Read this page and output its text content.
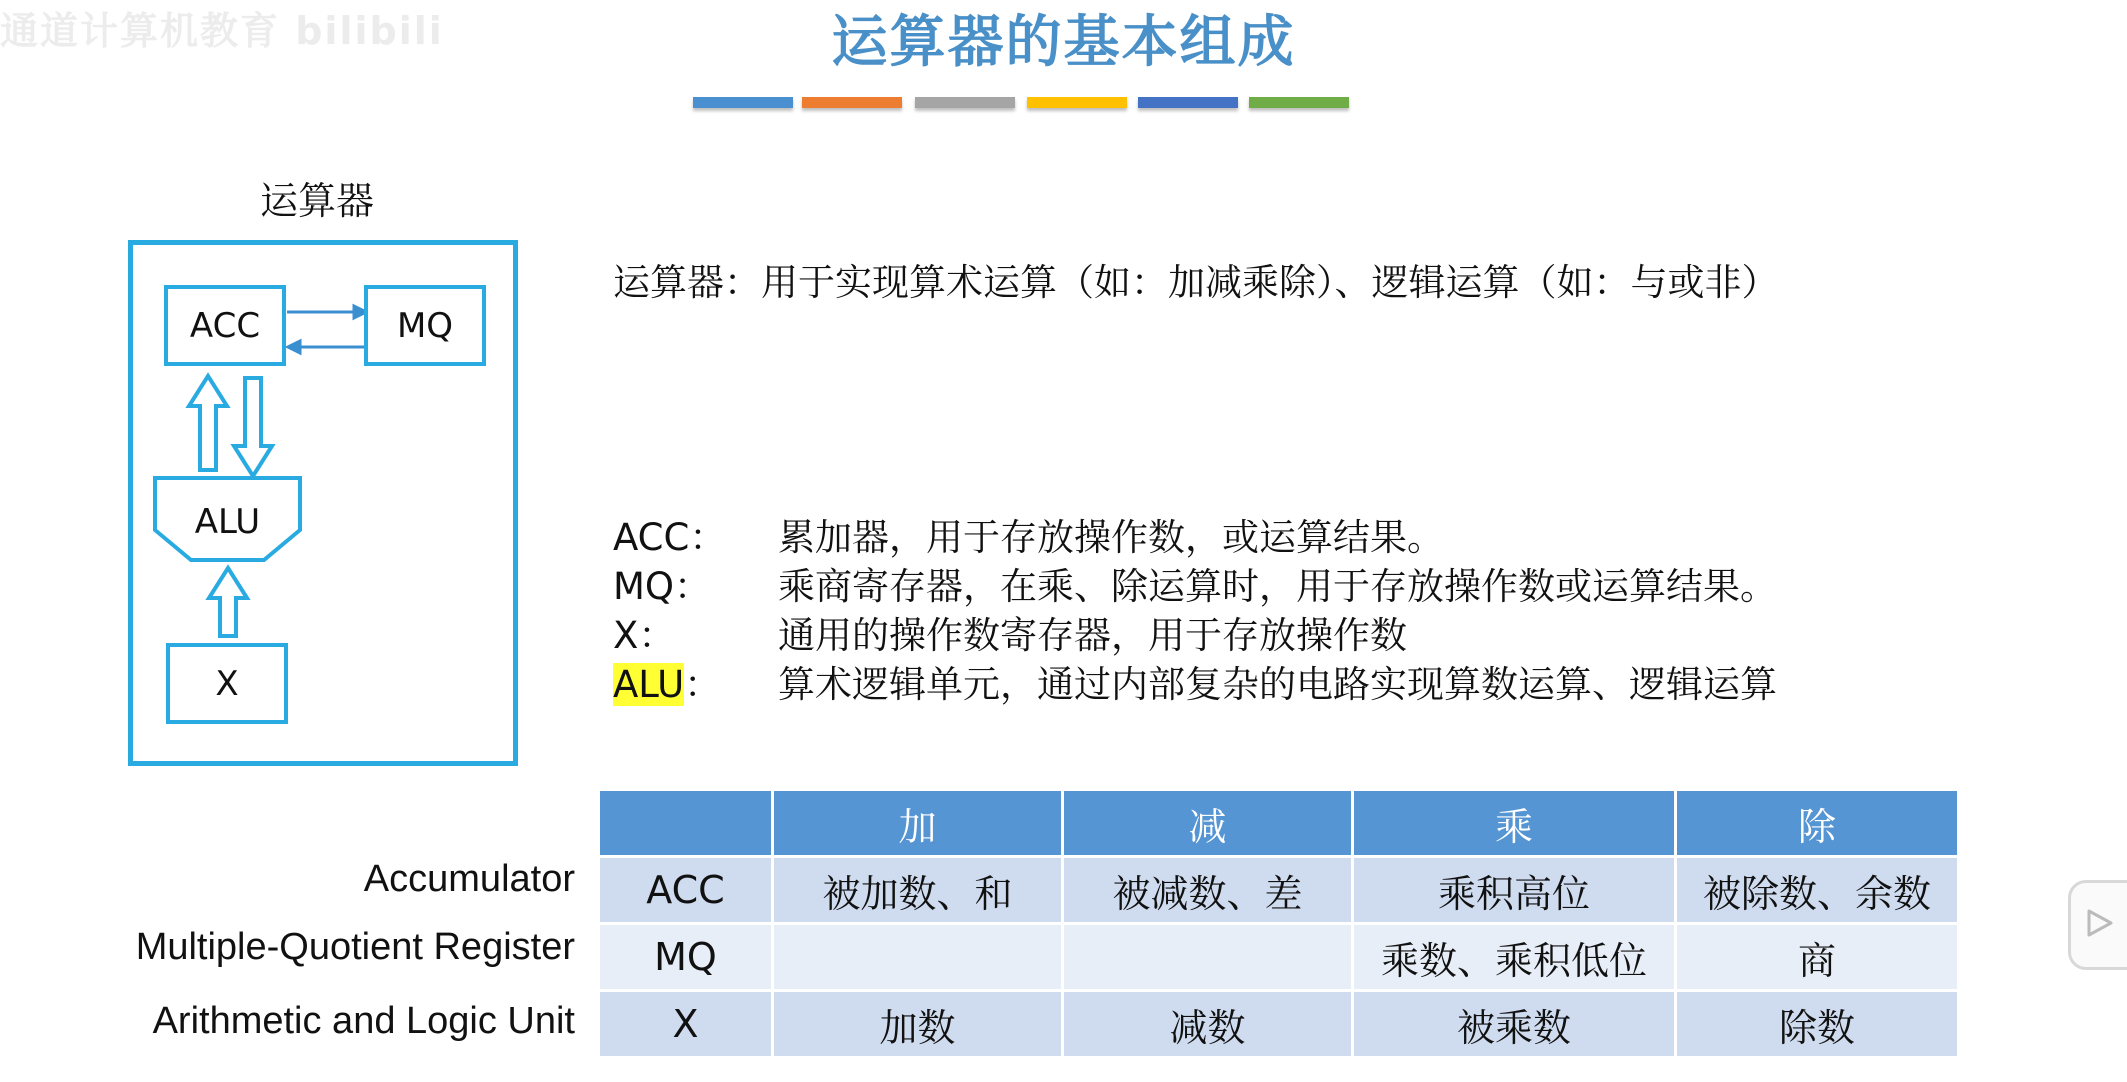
通道计算机教育 bilibili	运算器的基本组成
运算器
ACC	MQ
ALU
X
运算器：用于实现算术运算（如：加减乘除）、逻辑运算（如：与或非）
ACC： 累加器，用于存放操作数，或运算结果。
MQ： 乘商寄存器，在乘、除运算时，用于存放操作数或运算结果。
X：	通用的操作数寄存器，用于存放操作数
ALU： 算术逻辑单元，通过内部复杂的电路实现算数运算、逻辑运算
Accumulator
Multiple-Quotient Register
Arithmetic and Logic Unit
	加	减	乘	除
ACC	被加数、和	被减数、差	乘积高位	被除数、余数
MQ			乘数、乘积低位	商
X	加数	减数	被乘数	除数
